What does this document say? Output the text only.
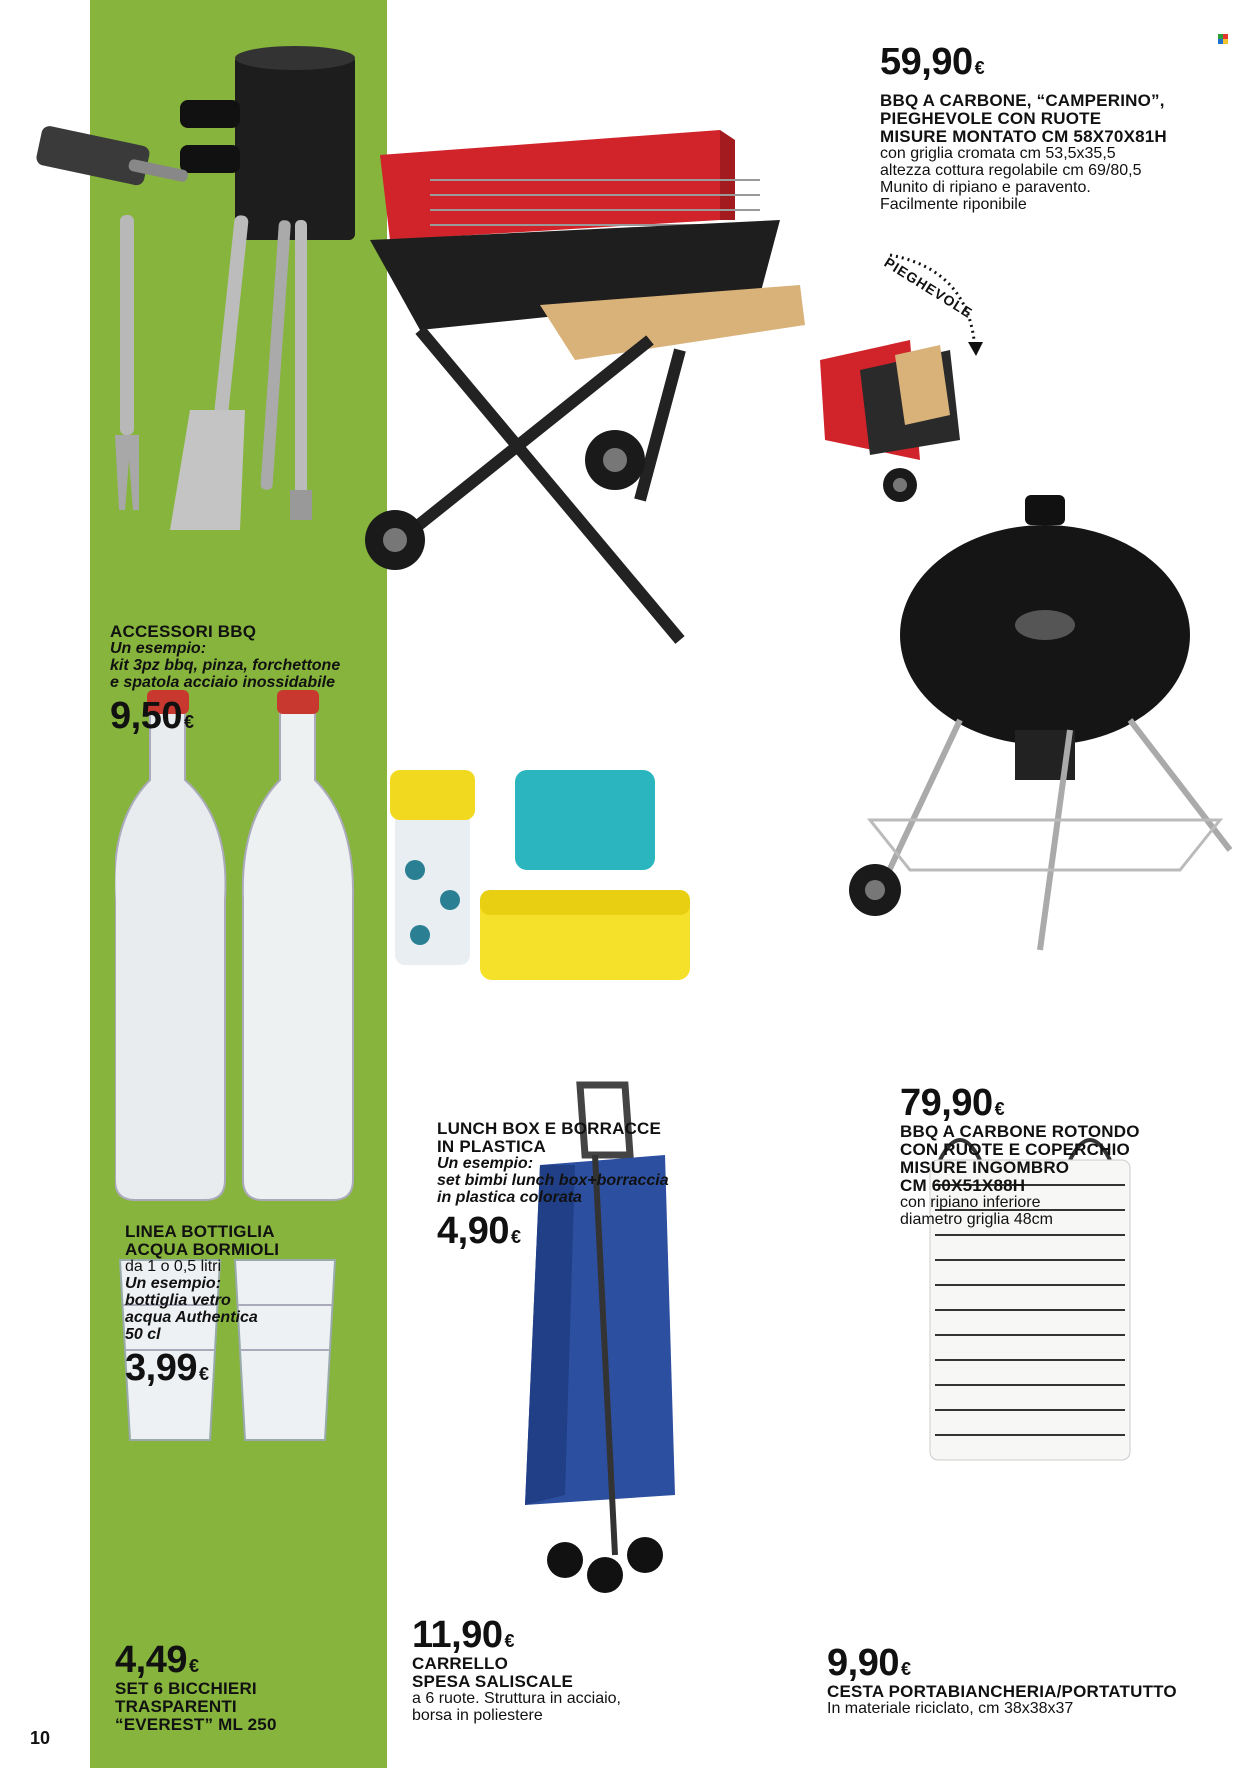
PIEGHEVOLE
59,90 €
BBQ A CARBONE, “CAMPERINO”,
PIEGHEVOLE CON RUOTE
MISURE MONTATO CM 58X70X81H
con griglia cromata cm 53,5x35,5
altezza cottura regolabile cm 69/80,5
Munito di ripiano e paravento.
Facilmente riponibile
ACCESSORI BBQ
Un esempio:
kit 3pz bbq, pinza, forchettone
e spatola acciaio inossidabile
9,50 €
LINEA BOTTIGLIA
ACQUA BORMIOLI
da 1 o 0,5 litri
Un esempio:
bottiglia vetro
acqua Authentica
50 cl
3,99 €
4,49 €
SET 6 BICCHIERI
TRASPARENTI
“EVEREST” ML 250
LUNCH BOX E BORRACCE
IN PLASTICA
Un esempio:
set bimbi lunch box+borraccia
in plastica colorata
4,90 €
79,90 €
BBQ A CARBONE ROTONDO
CON RUOTE E COPERCHIO
MISURE INGOMBRO
CM 60X51X88H
con ripiano inferiore
diametro griglia 48cm
11,90 €
CARRELLO
SPESA SALISCALE
a 6 ruote. Struttura in acciaio,
borsa in poliestere
9,90 €
CESTA PORTABIANCHERIA/PORTATUTTO
In materiale riciclato, cm 38x38x37
10
